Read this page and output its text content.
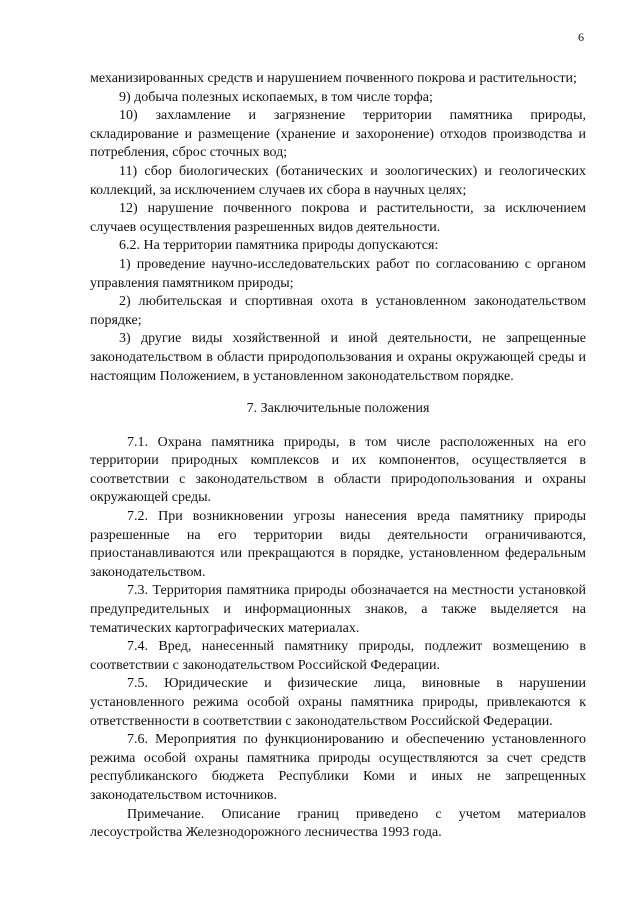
6

механизированных средств и нарушением почвенного покрова и растительности;

9) добыча полезных ископаемых, в том числе торфа;

10) захламление и загрязнение территории памятника природы, складирование и размещение (хранение и захоронение) отходов производства и потребления, сброс сточных вод;

11) сбор биологических (ботанических и зоологических) и геологических коллекций, за исключением случаев их сбора в научных целях;

12) нарушение почвенного покрова и растительности, за исключением случаев осуществления разрешенных видов деятельности.

6.2. На территории памятника природы допускаются:

1) проведение научно-исследовательских работ по согласованию с органом управления памятником природы;

2) любительская и спортивная охота в установленном законодательством порядке;

3) другие виды хозяйственной и иной деятельности, не запрещенные законодательством в области природопользования и охраны окружающей среды и настоящим Положением, в установленном законодательством порядке.

7. Заключительные положения

7.1. Охрана памятника природы, в том числе расположенных на его территории природных комплексов и их компонентов, осуществляется в соответствии с законодательством в области природопользования и охраны окружающей среды.

7.2. При возникновении угрозы нанесения вреда памятнику природы разрешенные на его территории виды деятельности ограничиваются, приостанавливаются или прекращаются в порядке, установленном федеральным законодательством.

7.3. Территория памятника природы обозначается на местности установкой предупредительных и информационных знаков, а также выделяется на тематических картографических материалах.

7.4. Вред, нанесенный памятнику природы, подлежит возмещению в соответствии с законодательством Российской Федерации.

7.5. Юридические и физические лица, виновные в нарушении установленного режима особой охраны памятника природы, привлекаются к ответственности в соответствии с законодательством Российской Федерации.

7.6. Мероприятия по функционированию и обеспечению установленного режима особой охраны памятника природы осуществляются за счет средств республиканского бюджета Республики Коми и иных не запрещенных законодательством источников.

Примечание. Описание границ приведено с учетом материалов лесоустройства Железнодорожного лесничества 1993 года.
